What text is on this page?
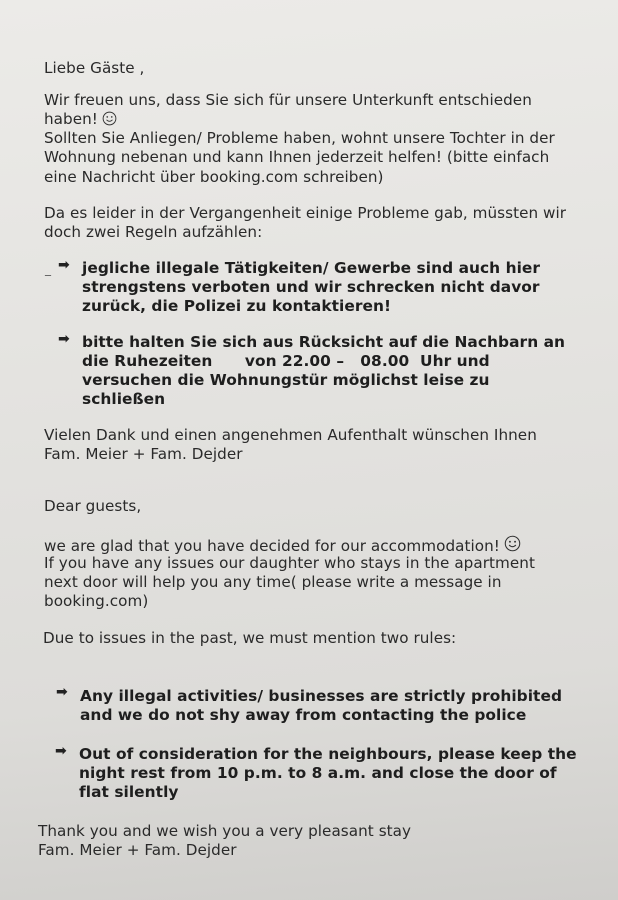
Liebe Gäste ,
Wir freuen uns, dass Sie sich für unsere Unterkunft entschieden
haben!
Sollten Sie Anliegen/ Probleme haben, wohnt unsere Tochter in der
Wohnung nebenan und kann Ihnen jederzeit helfen! (bitte einfach
eine Nachricht über booking.com schreiben)
Da es leider in der Vergangenheit einige Probleme gab, müssten wir
doch zwei Regeln aufzählen:
_ ➡ jegliche illegale Tätigkeiten/ Gewerbe sind auch hier
strengstens verboten und wir schrecken nicht davor
zurück, die Polizei zu kontaktieren!
➡ bitte halten Sie sich aus Rücksicht auf die Nachbarn an
die Ruhezeiten      von 22.00 –   08.00  Uhr und
versuchen die Wohnungstür möglichst leise zu
schließen
Vielen Dank und einen angenehmen Aufenthalt wünschen Ihnen
Fam. Meier + Fam. Dejder
Dear guests,
we are glad that you have decided for our accommodation!
If you have any issues our daughter who stays in the apartment
next door will help you any time( please write a message in
booking.com)
Due to issues in the past, we must mention two rules:
➡ Any illegal activities/ businesses are strictly prohibited
and we do not shy away from contacting the police
➡ Out of consideration for the neighbours, please keep the
night rest from 10 p.m. to 8 a.m. and close the door of
flat silently
Thank you and we wish you a very pleasant stay
Fam. Meier + Fam. Dejder
